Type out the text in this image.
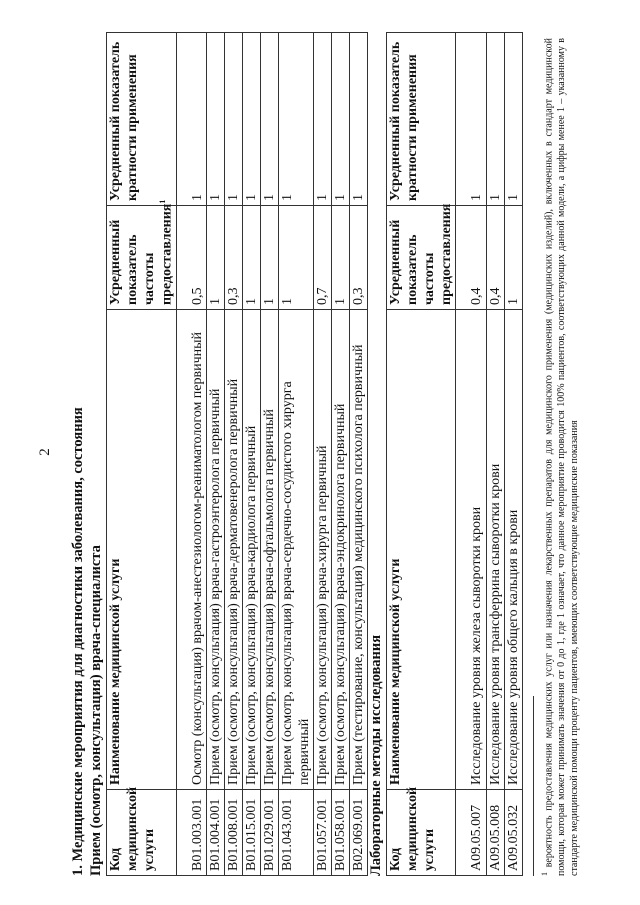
2 1. Медицинские мероприятия для диагностики заболевания, состояния Прием (осмотр, консультация) врача-специалиста Код медицинской услуги	Наименование медицинской услуги	Усредненный показатель частоты предоставления$^1$	Усредненный показатель кратности применения
B01.003.001	Осмотр (консультация) врачом-анестезиологом-реаниматологом первичный	0,5	1
B01.004.001	Прием (осмотр, консультация) врача-гастроэнтеролога первичный	1	1
B01.008.001	Прием (осмотр, консультация) врача-дерматовенеролога первичный	0,3	1
B01.015.001	Прием (осмотр, консультация) врача-кардиолога первичный	1	1
B01.029.001	Прием (осмотр, консультация) врача-офтальмолога первичный	1	1
B01.043.001	Прием (осмотр, консультация) врача-сердечно-сосудистого хирурга первичный	1	1
B01.057.001	Прием (осмотр, консультация) врача-хирурга первичный	0,7	1
B01.058.001	Прием (осмотр, консультация) врача-эндокринолога первичный	1	1
B02.069.001	Прием (тестирование, консультация) медицинского психолога первичный	0,3	1
Лабораторные методы исследования Код медицинской услуги	Наименование медицинской услуги	Усредненный показатель частоты предоставления	Усредненный показатель кратности применения
A09.05.007	Исследование уровня железа сыворотки крови	0,4	1
A09.05.008	Исследование уровня трансферрина сыворотки крови	0,4	1
A09.05.032	Исследование уровня общего кальция в крови	1	1
$^1$ вероятность предоставления медицинских услуг или назначения лекарственных препаратов для медицинского применения (медицинских изделий), включенных в стандарт медицинской помощи, которая может принимать значения от 0 до 1, где 1 означает, что данное мероприятие проводится 100% пациентов, соответствующих данной модели, а цифры менее 1 – указанному в стандарте медицинской помощи проценту пациентов, имеющих соответствующие медицинские показания
